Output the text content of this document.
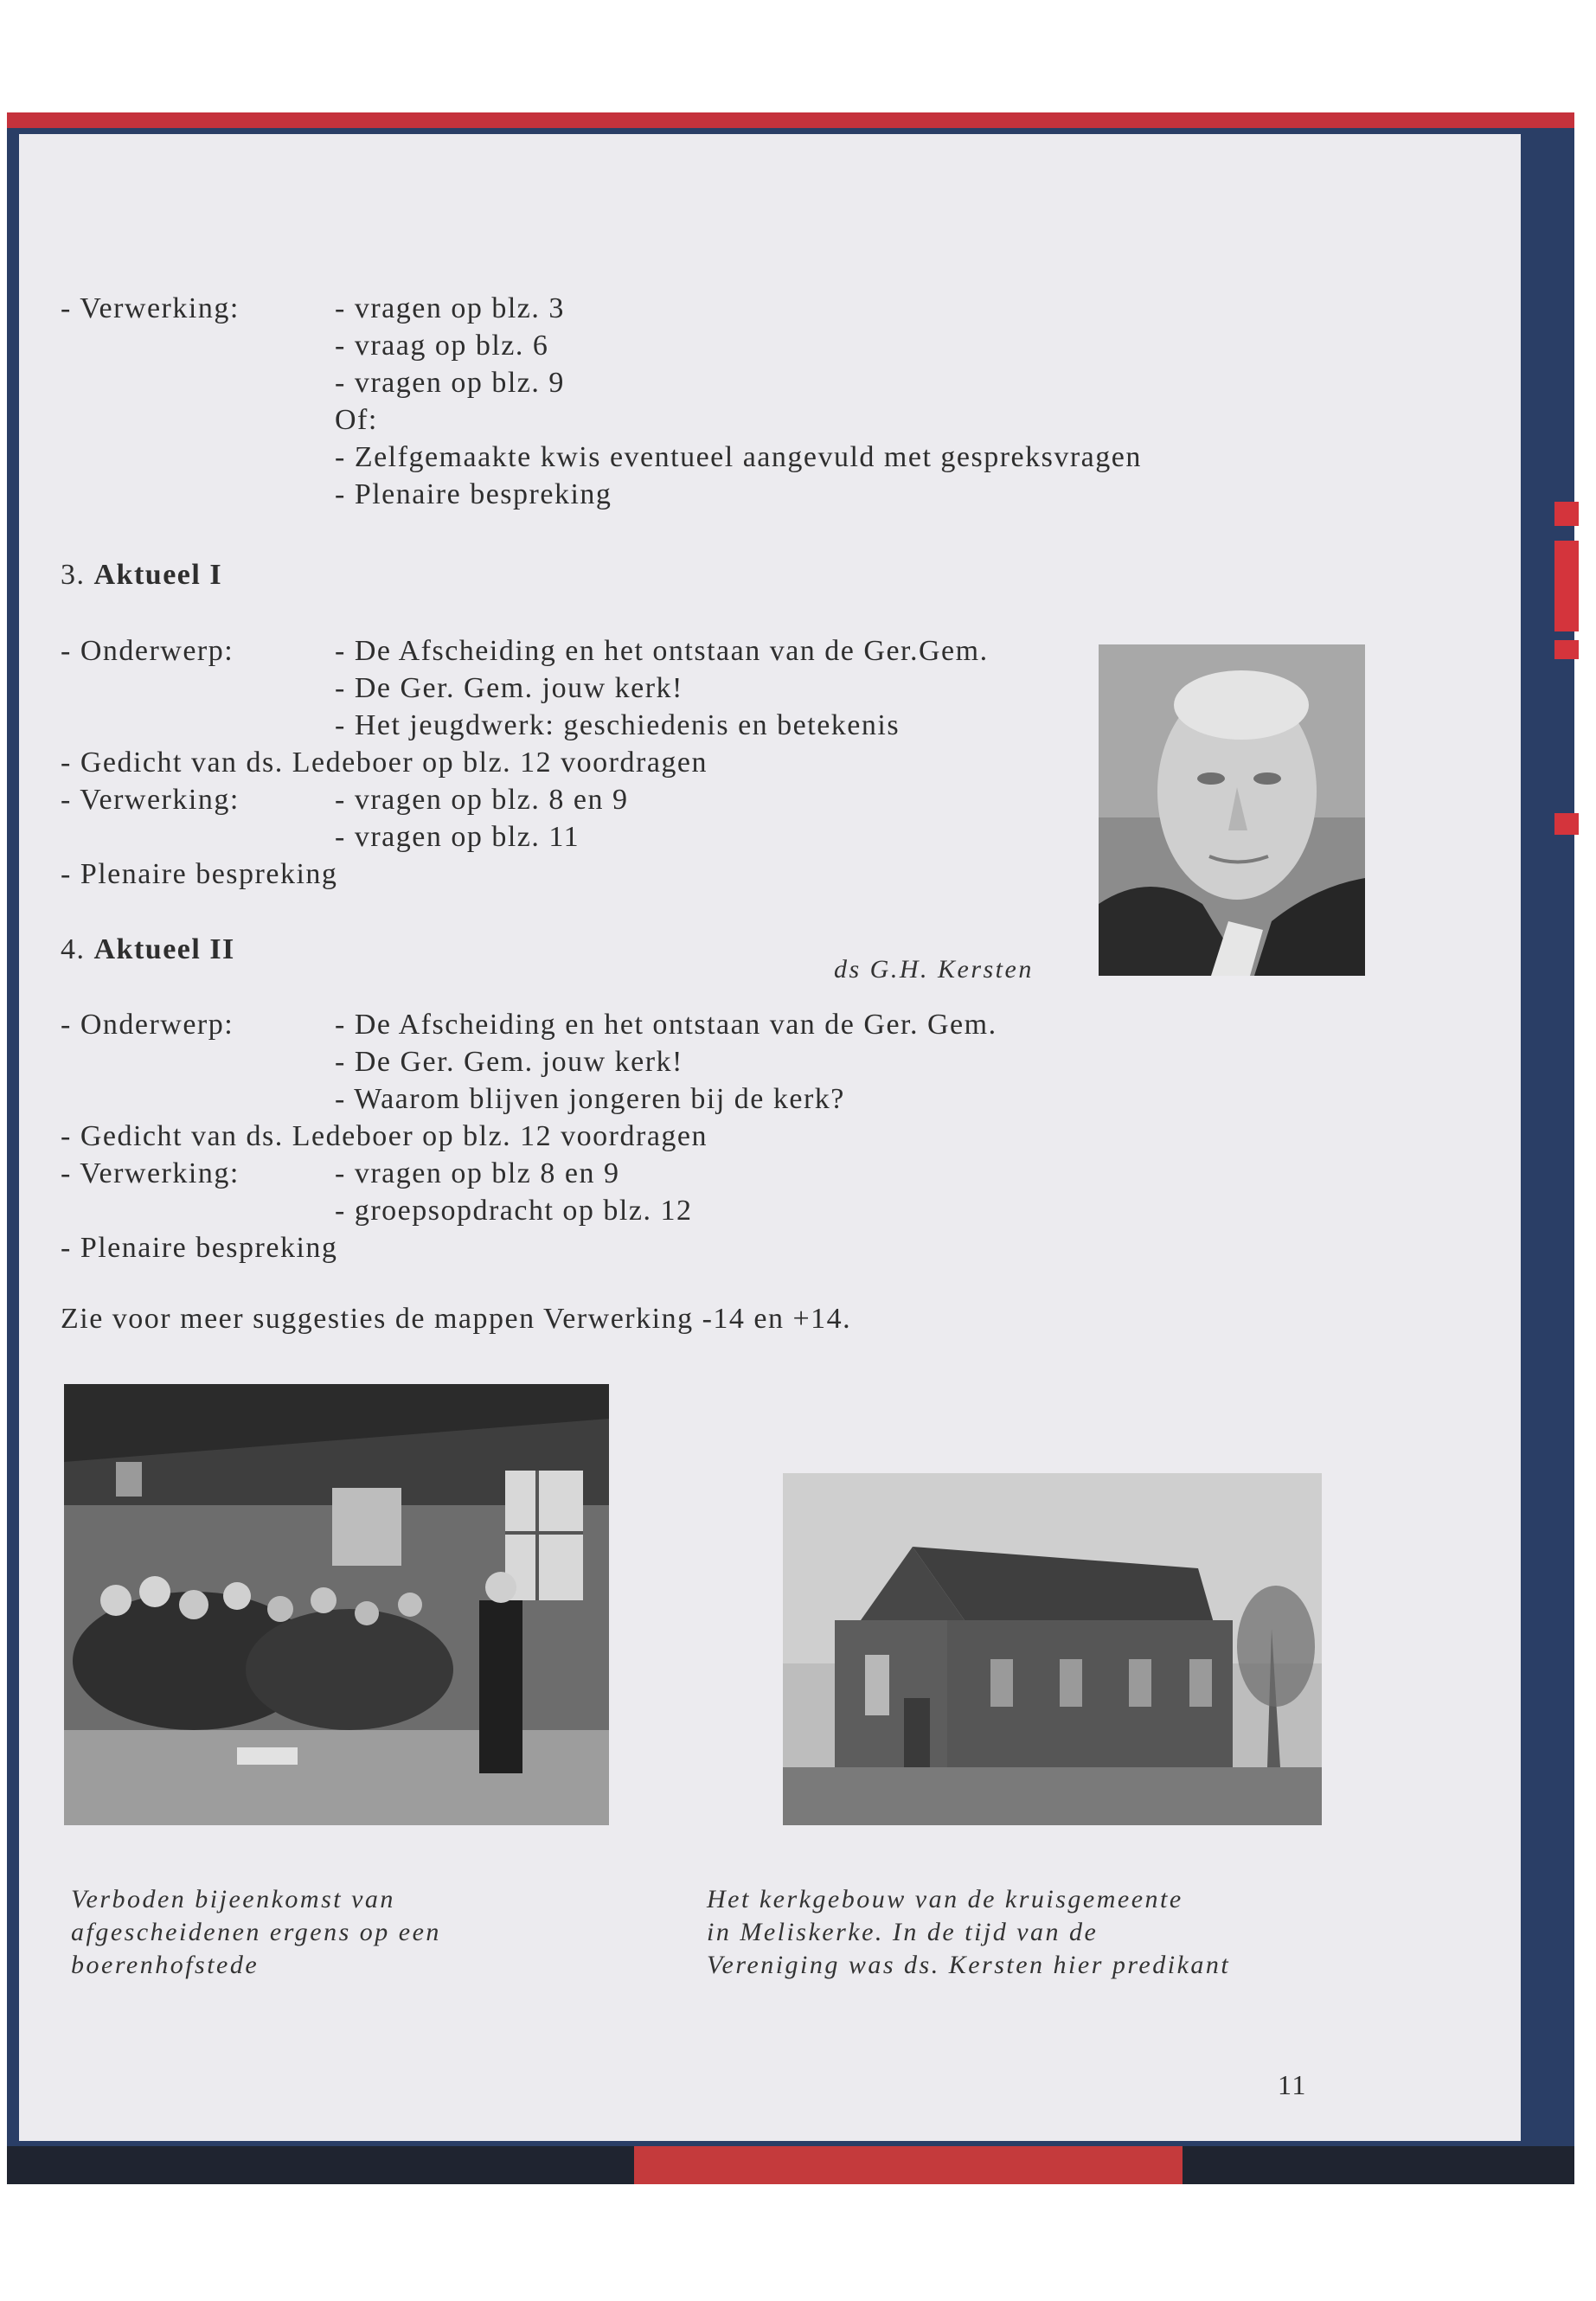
- Verwerking:	- vragen op blz. 3
- vraag op blz. 6
- vragen op blz. 9
Of:
- Zelfgemaakte kwis eventueel aangevuld met gespreksvragen
- Plenaire bespreking
3. Aktueel I
- Onderwerp:	- De Afscheiding en het ontstaan van de Ger.Gem.
- De Ger. Gem. jouw kerk!
- Het jeugdwerk: geschiedenis en betekenis
- Gedicht van ds. Ledeboer op blz. 12 voordragen
- Verwerking:	- vragen op blz. 8 en 9
- vragen op blz. 11
- Plenaire bespreking
4. Aktueel II
ds G.H. Kersten
- Onderwerp:	- De Afscheiding en het ontstaan van de Ger. Gem.
- De Ger. Gem. jouw kerk!
- Waarom blijven jongeren bij de kerk?
- Gedicht van ds. Ledeboer op blz. 12 voordragen
- Verwerking:	- vragen op blz 8 en 9
- groepsopdracht op blz. 12
- Plenaire bespreking
Zie voor meer suggesties de mappen Verwerking -14 en +14.
Verboden bijeenkomst van
afgescheidenen ergens op een
boerenhofstede
Het kerkgebouw van de kruisgemeente
in Meliskerke. In de tijd van de
Vereniging was ds. Kersten hier predikant
11
